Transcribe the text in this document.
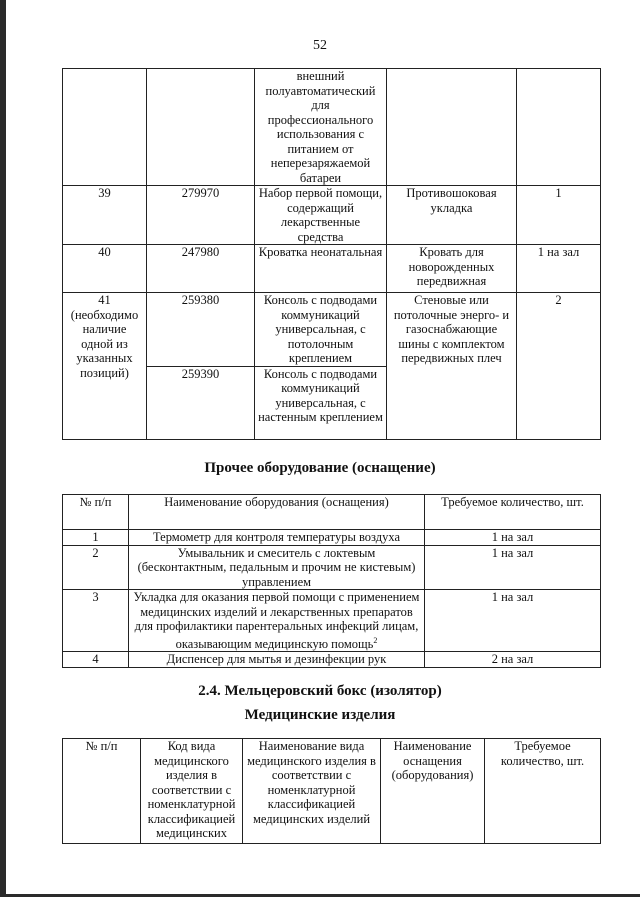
52
		внешний полуавтоматический для профессионального использования с питанием от неперезаряжаемой батареи		
39	279970	Набор первой помощи, содержащий лекарственные средства	Противошоковая укладка	1
40	247980	Кроватка неонатальная	Кровать для новорожденных передвижная	1 на зал
41 (необходимо наличие одной из указанных позиций)	259380	Консоль с подводами коммуникаций универсальная, с потолочным креплением	Стеновые или потолочные энерго- и газоснабжающие шины с комплектом передвижных плеч	2
	259390	Консоль с подводами коммуникаций универсальная, с настенным креплением		
Прочее оборудование (оснащение)
№ п/п	Наименование оборудования (оснащения)	Требуемое количество, шт.
1	Термометр для контроля температуры воздуха	1 на зал
2	Умывальник и смеситель с локтевым (бесконтактным, педальным и прочим не кистевым) управлением	1 на зал
3	Укладка для оказания первой помощи с применением медицинских изделий и лекарственных препаратов для профилактики парентеральных инфекций лицам, оказывающим медицинскую помощь$^2$	1 на зал
4	Диспенсер для мытья и дезинфекции рук	2 на зал
2.4. Мельцеровский бокс (изолятор)
Медицинские изделия
№ п/п	Код вида медицинского изделия в соответствии с номенклатурной классификацией медицинских	Наименование вида медицинского изделия в соответствии с номенклатурной классификацией медицинских изделий	Наименование оснащения (оборудования)	Требуемое количество, шт.
